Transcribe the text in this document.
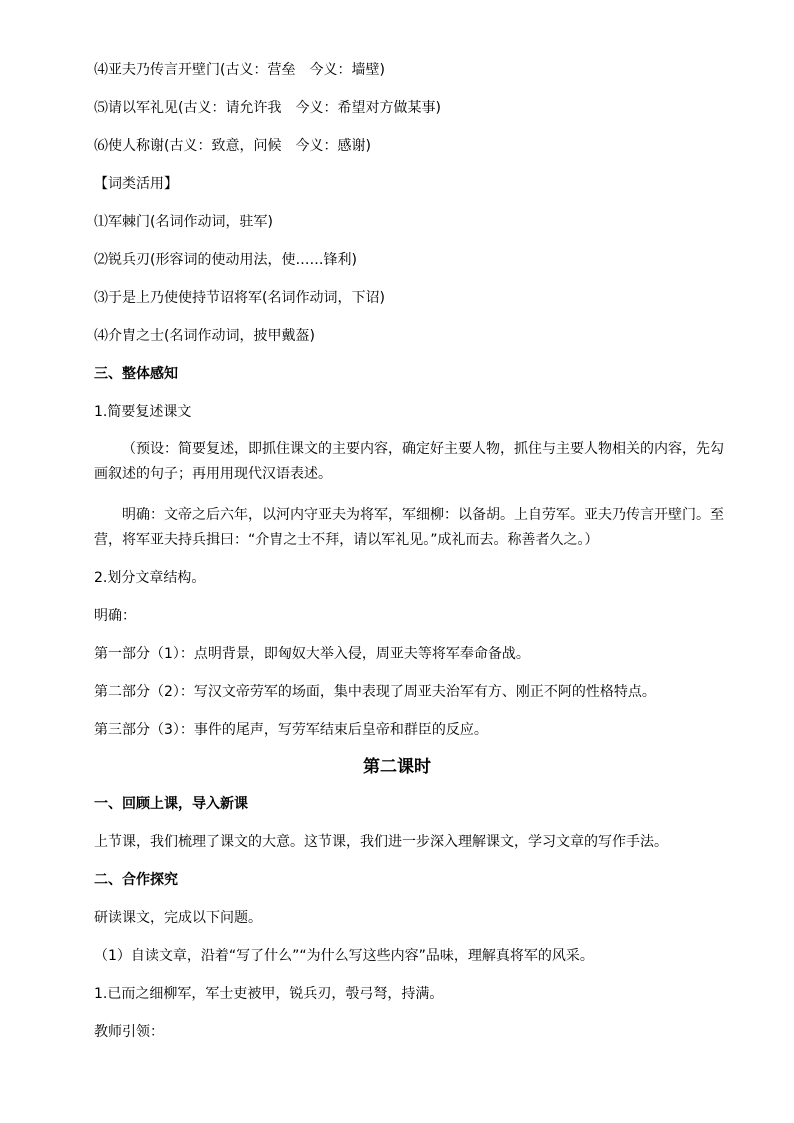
⑷亚夫乃传言开壁门(古义：营垒　今义：墙壁)
⑸请以军礼见(古义：请允许我　今义：希望对方做某事)
⑹使人称谢(古义：致意，问候　今义：感谢)
【词类活用】
⑴军棘门(名词作动词，驻军)
⑵锐兵刃(形容词的使动用法，使……锋利)
⑶于是上乃使使持节诏将军(名词作动词，下诏)
⑷介胄之士(名词作动词，披甲戴盔)
三、整体感知
1.简要复述课文
（预设：简要复述，即抓住课文的主要内容，确定好主要人物，抓住与主要人物相关的内容，先勾画叙述的句子；再用用现代汉语表述。
明确：文帝之后六年，以河内守亚夫为将军，军细柳：以备胡。上自劳军。亚夫乃传言开壁门。至营，将军亚夫持兵揖曰：“介胄之士不拜，请以军礼见。”成礼而去。称善者久之。）
2.划分文章结构。
明确：
第一部分（1）：点明背景，即匈奴大举入侵，周亚夫等将军奉命备战。
第二部分（2）：写汉文帝劳军的场面，集中表现了周亚夫治军有方、刚正不阿的性格特点。
第三部分（3）：事件的尾声，写劳军结束后皇帝和群臣的反应。
第二课时
一、回顾上课，导入新课
上节课，我们梳理了课文的大意。这节课，我们进一步深入理解课文，学习文章的写作手法。
二、合作探究
研读课文，完成以下问题。
（1）自读文章，沿着“写了什么”“为什么写这些内容”品味，理解真将军的风采。
1.已而之细柳军，军士吏被甲，锐兵刃，彀弓弩，持满。
教师引领：
